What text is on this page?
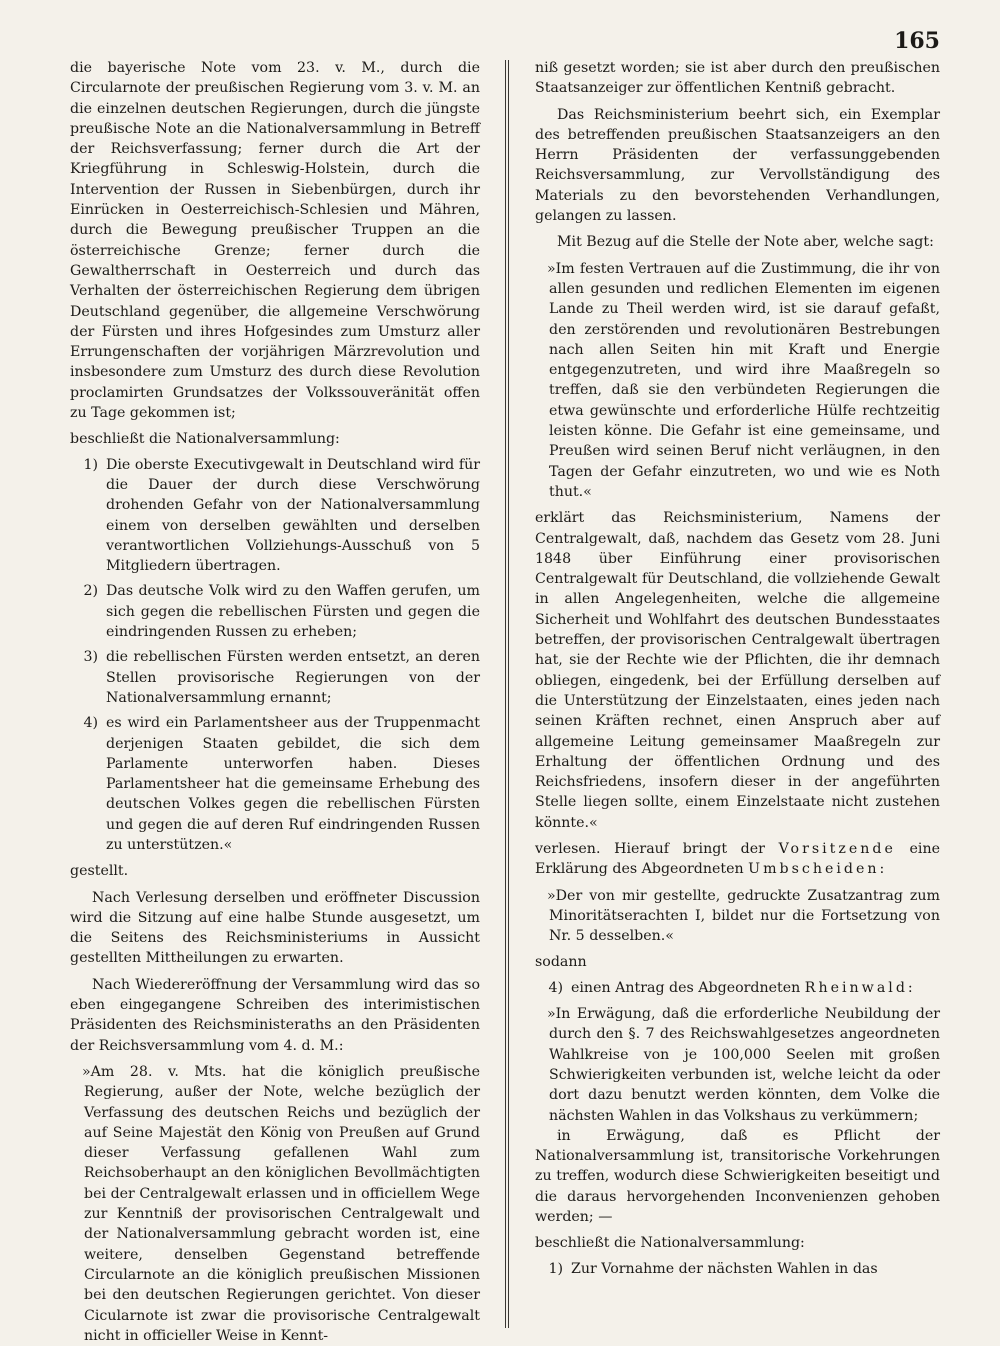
165

die bayerische Note vom 23. v. M., durch die Circularnote der preußischen Regierung vom 3. v. M. an die einzelnen deutschen Regierungen, durch die jüngste preußische Note an die Nationalversammlung in Betreff der Reichsverfassung; ferner durch die Art der Kriegführung in Schleswig-Holstein, durch die Intervention der Russen in Siebenbürgen, durch ihr Einrücken in Oesterreichisch-Schlesien und Mähren, durch die Bewegung preußischer Truppen an die österreichische Grenze; ferner durch die Gewaltherrschaft in Oesterreich und durch das Verhalten der österreichischen Regierung dem übrigen Deutschland gegenüber, die allgemeine Verschwörung der Fürsten und ihres Hofgesindes zum Umsturz aller Errungenschaften der vorjährigen Märzrevolution und insbesondere zum Umsturz des durch diese Revolution proclamirten Grundsatzes der Volkssouveränität offen zu Tage gekommen ist;

beschließt die Nationalversammlung:

1) Die oberste Executivgewalt in Deutschland wird für die Dauer der durch diese Verschwörung drohenden Gefahr von der Nationalversammlung einem von derselben gewählten und derselben verantwortlichen Vollziehungs-Ausschuß von 5 Mitgliedern übertragen.
2) Das deutsche Volk wird zu den Waffen gerufen, um sich gegen die rebellischen Fürsten und gegen die eindringenden Russen zu erheben;
3) die rebellischen Fürsten werden entsetzt, an deren Stellen provisorische Regierungen von der Nationalversammlung ernannt;
4) es wird ein Parlamentsheer aus der Truppenmacht derjenigen Staaten gebildet, die sich dem Parlamente unterworfen haben. Dieses Parlamentsheer hat die gemeinsame Erhebung des deutschen Volkes gegen die rebellischen Fürsten und gegen die auf deren Ruf eindringenden Russen zu unterstützen.«

gestellt.

Nach Verlesung derselben und eröffneter Discussion wird die Sitzung auf eine halbe Stunde ausgesetzt, um die Seitens des Reichsministeriums in Aussicht gestellten Mittheilungen zu erwarten.

Nach Wiedereröffnung der Versammlung wird das so eben eingegangene Schreiben des interimistischen Präsidenten des Reichsministeraths an den Präsidenten der Reichsversammlung vom 4. d. M.:

»Am 28. v. Mts. hat die königlich preußische Regierung, außer der Note, welche bezüglich der Verfassung des deutschen Reichs und bezüglich der auf Seine Majestät den König von Preußen auf Grund dieser Verfassung gefallenen Wahl zum Reichsoberhaupt an den königlichen Bevollmächtigten bei der Centralgewalt erlassen und in officiellem Wege zur Kenntniß der provisorischen Centralgewalt und der Nationalversammlung gebracht worden ist, eine weitere, denselben Gegenstand betreffende Circularnote an die königlich preußischen Missionen bei den deutschen Regierungen gerichtet. Von dieser Cicularnote ist zwar die provisorische Centralgewalt nicht in officieller Weise in Kennt-

niß gesetzt worden; sie ist aber durch den preußischen Staatsanzeiger zur öffentlichen Kentniß gebracht.

Das Reichsministerium beehrt sich, ein Exemplar des betreffenden preußischen Staatsanzeigers an den Herrn Präsidenten der verfassunggebenden Reichsversammlung, zur Vervollständigung des Materials zu den bevorstehenden Verhandlungen, gelangen zu lassen.

Mit Bezug auf die Stelle der Note aber, welche sagt:

»Im festen Vertrauen auf die Zustimmung, die ihr von allen gesunden und redlichen Elementen im eigenen Lande zu Theil werden wird, ist sie darauf gefaßt, den zerstörenden und revolutionären Bestrebungen nach allen Seiten hin mit Kraft und Energie entgegenzutreten, und wird ihre Maaßregeln so treffen, daß sie den verbündeten Regierungen die etwa gewünschte und erforderliche Hülfe rechtzeitig leisten könne. Die Gefahr ist eine gemeinsame, und Preußen wird seinen Beruf nicht verläugnen, in den Tagen der Gefahr einzutreten, wo und wie es Noth thut.«

erklärt das Reichsministerium, Namens der Centralgewalt, daß, nachdem das Gesetz vom 28. Juni 1848 über Einführung einer provisorischen Centralgewalt für Deutschland, die vollziehende Gewalt in allen Angelegenheiten, welche die allgemeine Sicherheit und Wohlfahrt des deutschen Bundesstaates betreffen, der provisorischen Centralgewalt übertragen hat, sie der Rechte wie der Pflichten, die ihr demnach obliegen, eingedenk, bei der Erfüllung derselben auf die Unterstützung der Einzelstaaten, eines jeden nach seinen Kräften rechnet, einen Anspruch aber auf allgemeine Leitung gemeinsamer Maaßregeln zur Erhaltung der öffentlichen Ordnung und des Reichsfriedens, insofern dieser in der angeführten Stelle liegen sollte, einem Einzelstaate nicht zustehen könnte.«

verlesen. Hierauf bringt der Vorsitzende eine Erklärung des Abgeordneten Umbscheiden:

»Der von mir gestellte, gedruckte Zusatzantrag zum Minoritätserachten I, bildet nur die Fortsetzung von Nr. 5 desselben.«

sodann

4) einen Antrag des Abgeordneten Rheinwald:

»In Erwägung, daß die erforderliche Neubildung der durch den §. 7 des Reichswahlgesetzes angeordneten Wahlkreise von je 100,000 Seelen mit großen Schwierigkeiten verbunden ist, welche leicht da oder dort dazu benutzt werden könnten, dem Volke die nächsten Wahlen in das Volkshaus zu verkümmern;

in Erwägung, daß es Pflicht der Nationalversammlung ist, transitorische Vorkehrungen zu treffen, wodurch diese Schwierigkeiten beseitigt und die daraus hervorgehenden Inconvenienzen gehoben werden; —

beschließt die Nationalversammlung:

1) Zur Vornahme der nächsten Wahlen in das
